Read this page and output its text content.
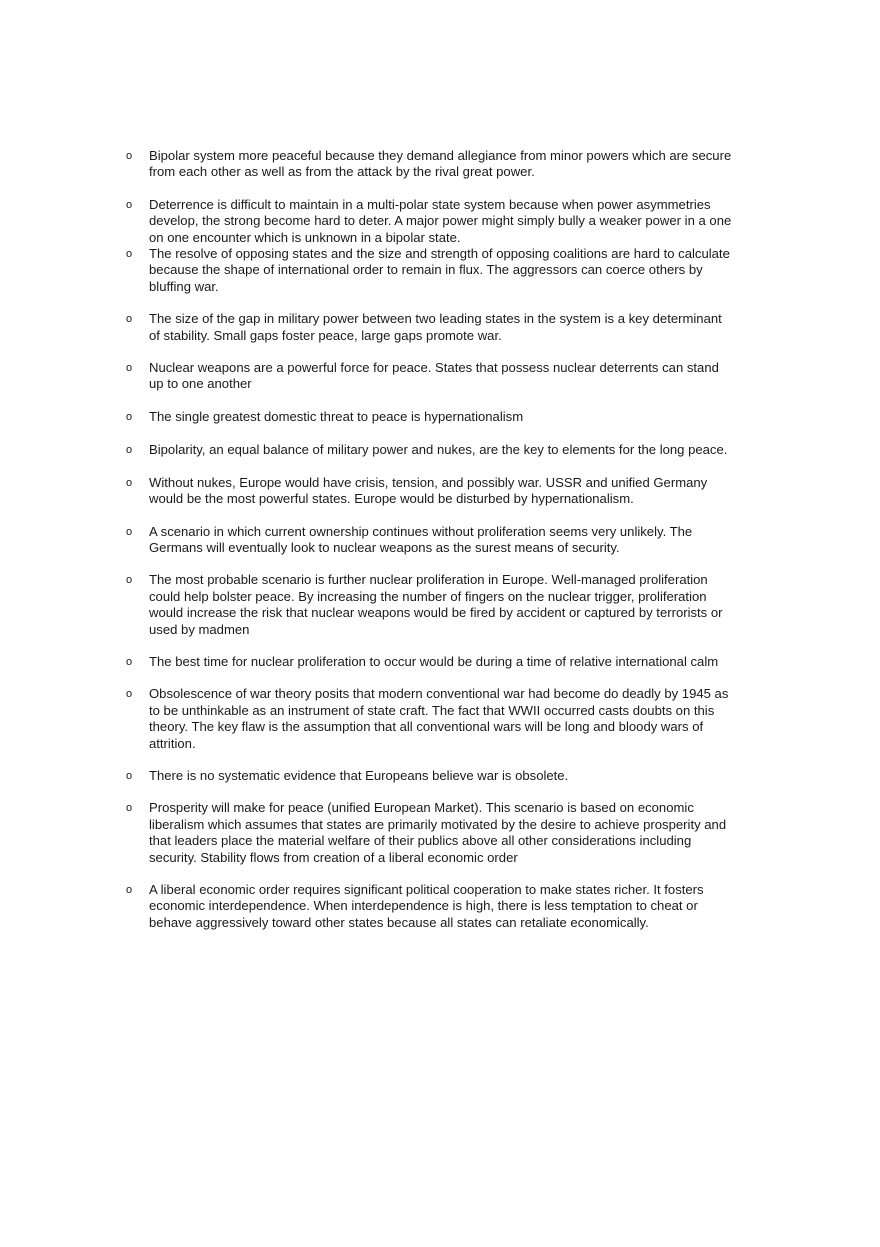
o Bipolar system more peaceful because they demand allegiance from minor powers which are secure from each other as well as from the attack by the rival great power.
o Deterrence is difficult to maintain in a multi-polar state system because when power asymmetries develop, the strong become hard to deter. A major power might simply bully a weaker power in a one on one encounter which is unknown in a bipolar state.
o The resolve of opposing states and the size and strength of opposing coalitions are hard to calculate because the shape of international order to remain in flux. The aggressors can coerce others by bluffing war.
o The size of the gap in military power between two leading states in the system is a key determinant of stability. Small gaps foster peace, large gaps promote war.
o Nuclear weapons are a powerful force for peace. States that possess nuclear deterrents can stand up to one another
o The single greatest domestic threat to peace is hypernationalism
o Bipolarity, an equal balance of military power and nukes, are the key to elements for the long peace.
o Without nukes, Europe would have crisis, tension, and possibly war. USSR and unified Germany would be the most powerful states. Europe would be disturbed by hypernationalism.
o A scenario in which current ownership continues without proliferation seems very unlikely. The Germans will eventually look to nuclear weapons as the surest means of security.
o The most probable scenario is further nuclear proliferation in Europe. Well-managed proliferation could help bolster peace. By increasing the number of fingers on the nuclear trigger, proliferation would increase the risk that nuclear weapons would be fired by accident or captured by terrorists or used by madmen
o The best time for nuclear proliferation to occur would be during a time of relative international calm
o Obsolescence of war theory posits that modern conventional war had become do deadly by 1945 as to be unthinkable as an instrument of state craft. The fact that WWII occurred casts doubts on this theory. The key flaw is the assumption that all conventional wars will be long and bloody wars of attrition.
o There is no systematic evidence that Europeans believe war is obsolete.
o Prosperity will make for peace (unified European Market). This scenario is based on economic liberalism which assumes that states are primarily motivated by the desire to achieve prosperity and that leaders place the material welfare of their publics above all other considerations including security. Stability flows from creation of a liberal economic order
o A liberal economic order requires significant political cooperation to make states richer. It fosters economic interdependence. When interdependence is high, there is less temptation to cheat or behave aggressively toward other states because all states can retaliate economically.
